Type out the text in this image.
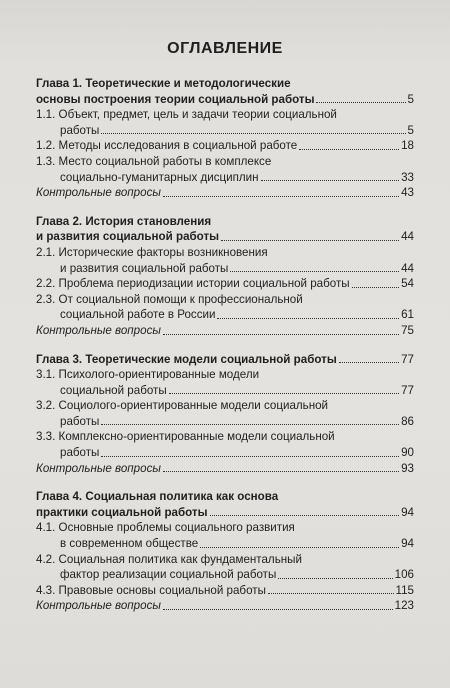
ОГЛАВЛЕНИЕ
Глава 1. Теоретические и методологические
основы построения теории социальной работы	5
1.1. Объект, предмет, цель и задачи теории социальной
работы	5
1.2. Методы исследования в социальной работе	18
1.3. Место социальной работы в комплексе
социально-гуманитарных дисциплин	33
Контрольные вопросы	43
Глава 2. История становления
и развития социальной работы	44
2.1. Исторические факторы возникновения
и развития социальной работы	44
2.2. Проблема периодизации истории социальной работы	54
2.3. От социальной помощи к профессиональной
социальной работе в России	61
Контрольные вопросы	75
Глава 3. Теоретические модели социальной работы	77
3.1. Психолого-ориентированные модели
социальной работы	77
3.2. Социолого-ориентированные модели социальной
работы	86
3.3. Комплексно-ориентированные модели социальной
работы	90
Контрольные вопросы	93
Глава 4. Социальная политика как основа
практики социальной работы	94
4.1. Основные проблемы социального развития
в современном обществе	94
4.2. Социальная политика как фундаментальный
фактор реализации социальной работы	106
4.3. Правовые основы социальной работы	115
Контрольные вопросы	123
